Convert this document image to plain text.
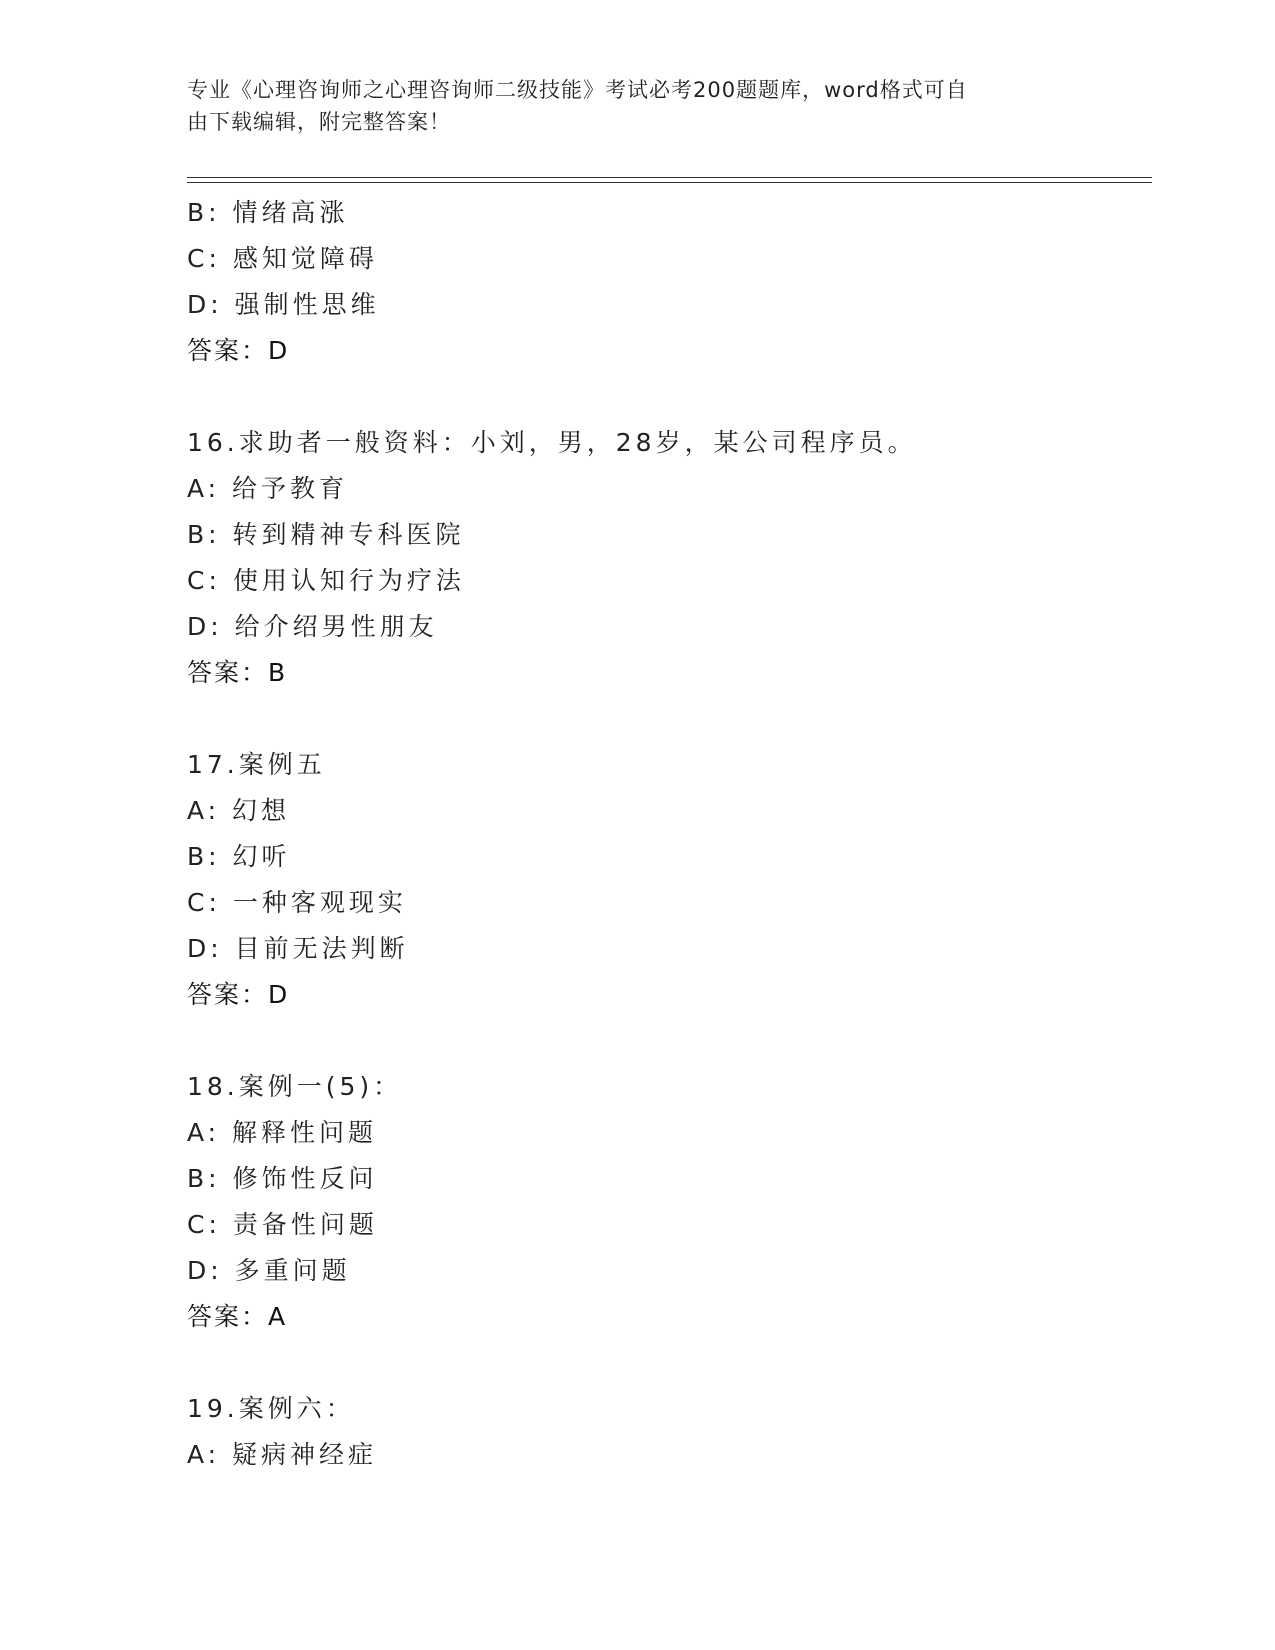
专业《心理咨询师之心理咨询师二级技能》考试必考200题题库，word格式可自
由下载编辑，附完整答案！
B: 情绪高涨
C: 感知觉障碍
D: 强制性思维
答案：D
16.求助者一般资料：小刘，男，28岁，某公司程序员。
A: 给予教育
B: 转到精神专科医院
C: 使用认知行为疗法
D: 给介绍男性朋友
答案：B
17.案例五
A: 幻想
B: 幻听
C: 一种客观现实
D: 目前无法判断
答案：D
18.案例一(5)：
A: 解释性问题
B: 修饰性反问
C: 责备性问题
D: 多重问题
答案：A
19.案例六：
A: 疑病神经症
